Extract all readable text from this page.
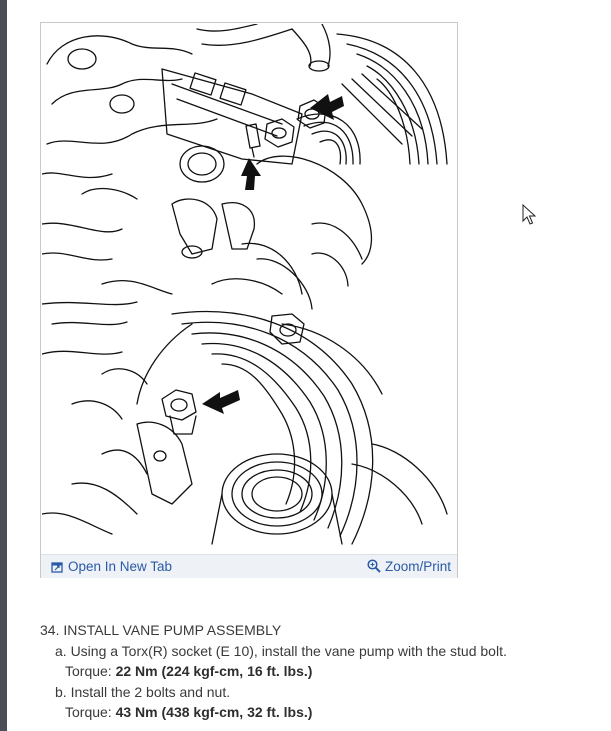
Open In New Tab	Zoom/Print

34. INSTALL VANE PUMP ASSEMBLY

a. Using a Torx(R) socket (E 10), install the vane pump with the stud bolt.

Torque: 22 Nm (224 kgf-cm, 16 ft. lbs.)

b. Install the 2 bolts and nut.

Torque: 43 Nm (438 kgf-cm, 32 ft. lbs.)
